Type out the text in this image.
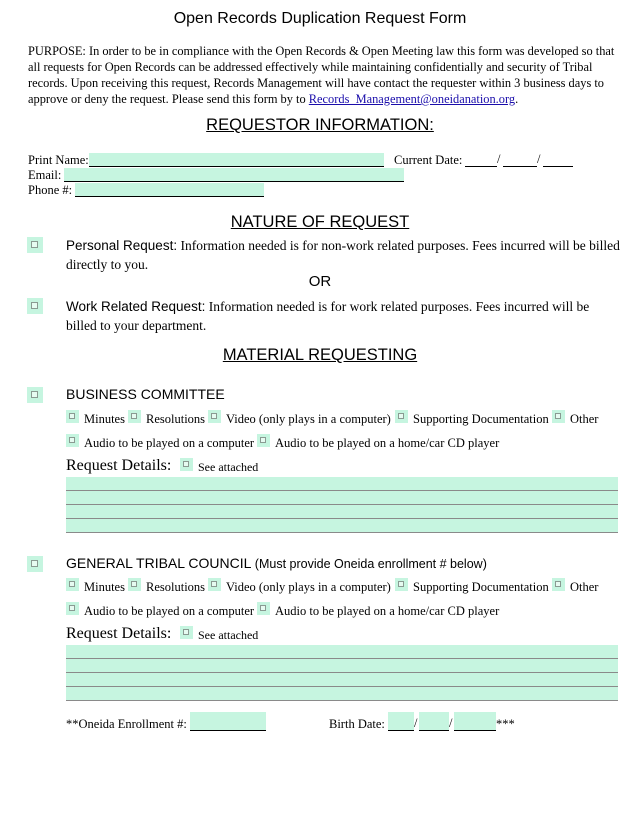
Open Records Duplication Request Form
PURPOSE: In order to be in compliance with the Open Records & Open Meeting law this form was developed so that all requests for Open Records can be addressed effectively while maintaining confidentially and security of Tribal records. Upon receiving this request, Records Management will have contact the requester within 3 business days to approve or deny the request. Please send this form by to Records_Management@oneidanation.org.
REQUESTOR INFORMATION:
Print Name:	Current Date:	/	/
Email:
Phone #:
NATURE OF REQUEST
Personal Request: Information needed is for non-work related purposes. Fees incurred will be billed directly to you.
OR
Work Related Request: Information needed is for work related purposes. Fees incurred will be billed to your department.
MATERIAL REQUESTING
BUSINESS COMMITTEE
Minutes Resolutions Video (only plays in a computer) Supporting Documentation Other
Audio to be played on a computer Audio to be played on a home/car CD player
Request Details: See attached
GENERAL TRIBAL COUNCIL (Must provide Oneida enrollment # below)
Minutes Resolutions Video (only plays in a computer) Supporting Documentation Other
Audio to be played on a computer Audio to be played on a home/car CD player
Request Details: See attached
**Oneida Enrollment #:	Birth Date: /	/	***
